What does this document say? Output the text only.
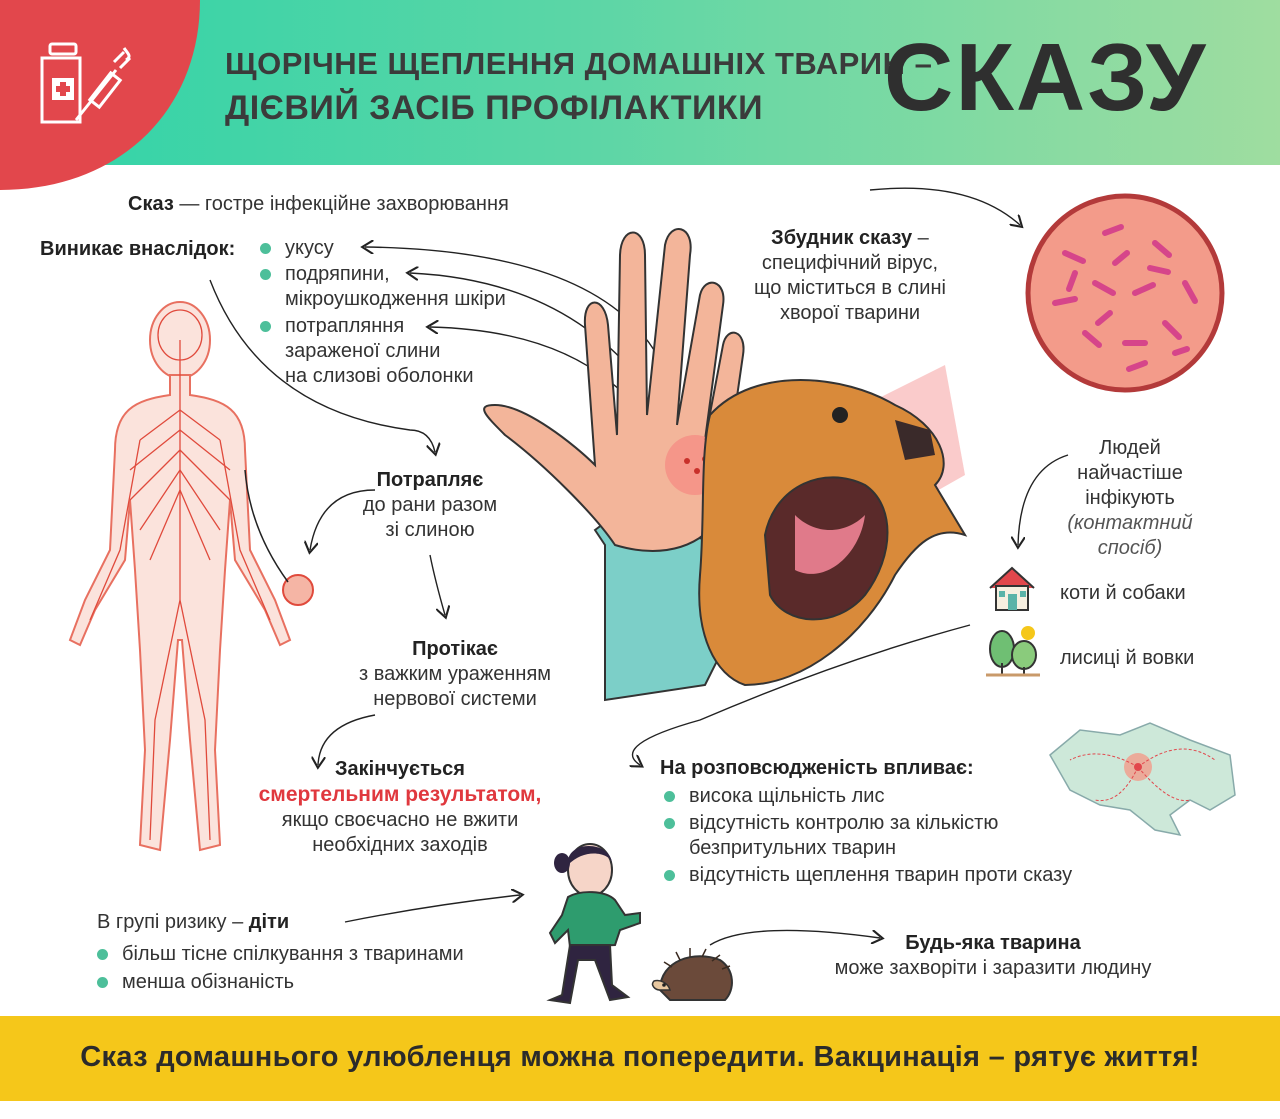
ЩОРІЧНЕ ЩЕПЛЕННЯ ДОМАШНІХ ТВАРИН –
ДІЄВИЙ ЗАСІБ ПРОФІЛАКТИКИ СКАЗУ
Сказ — гостре інфекційне захворювання
Виникає внаслідок: укусу
подряпини,
мікроушкодження шкіри
потрапляння
зараженої слини
на слизові оболонки
Потрапляє
до рани разом
зі слиною
Протікає
з важким ураженням
нервової системи
Закінчується
смертельним результатом,
якщо своєчасно не вжити
необхідних заходів
Збудник сказу –
специфічний вірус,
що міститься в слині
хворої тварини
Людей
найчастіше
інфікують
(контактний
спосіб)
коти й собаки
лисиці й вовки
На розповсюдженість впливає:
висока щільність лис
відсутність контролю за кількістю
безпритульних тварин
відсутність щеплення тварин проти сказу
В групі ризику – діти
більш тісне спілкування з тваринами
менша обізнаність
Будь-яка тварина
може захворіти і заразити людину
Сказ домашнього улюбленця можна попередити. Вакцинація – рятує життя!
